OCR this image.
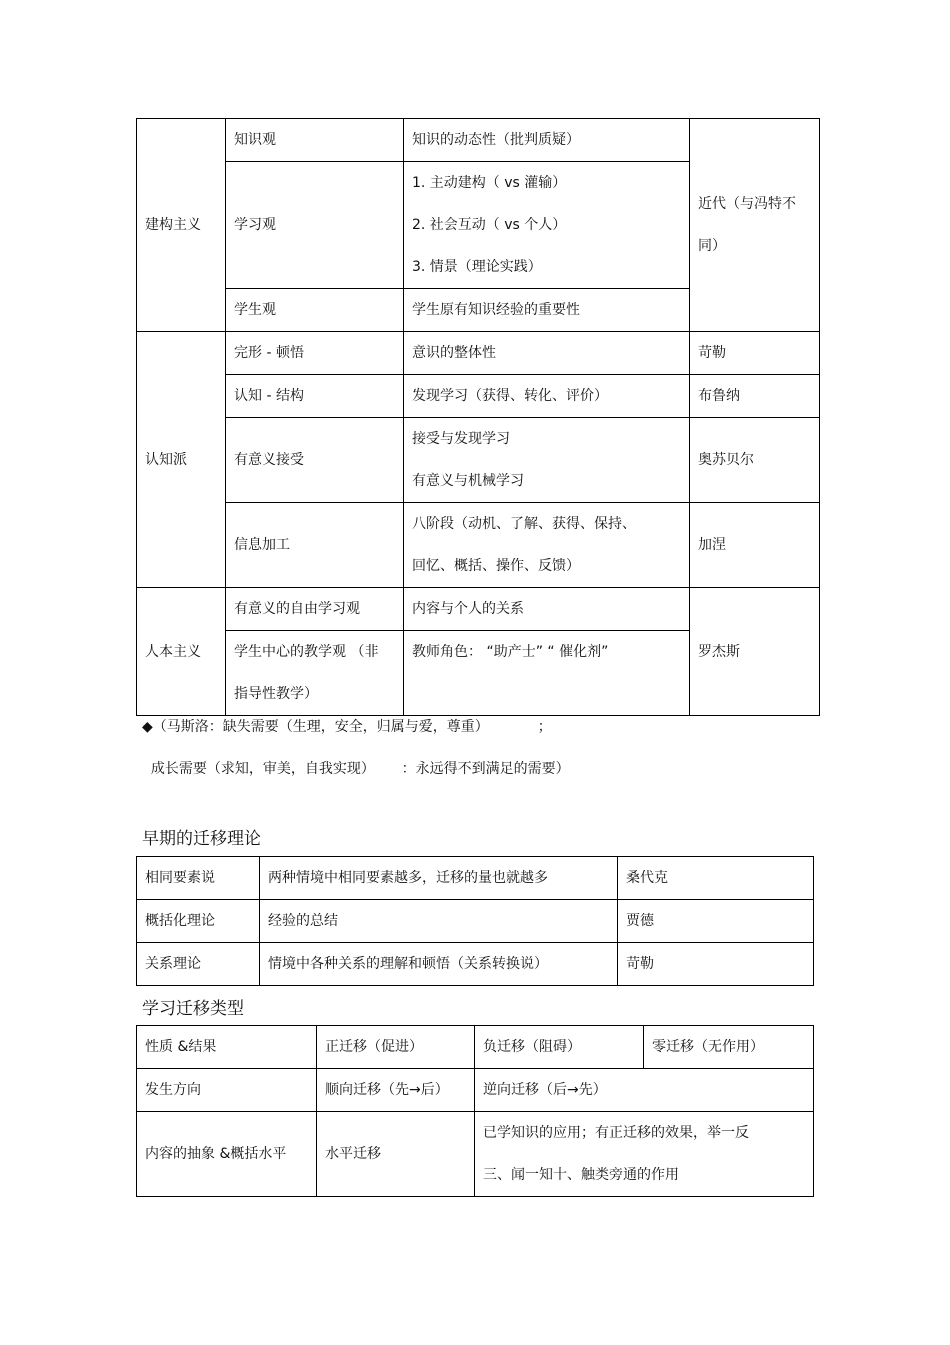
建构主义	知识观	知识的动态性（批判质疑）	近代（与冯特不
同）

	学习观	1. 主动建构（ vs 灌输）
2. 社会互动（ vs 个人）
3. 情景（理论实践）	

	学生观	学生原有知识经验的重要性	
认知派	完形 - 顿悟	意识的整体性	苛勒
	认知 - 结构	发现学习（获得、转化、评价）	布鲁纳
	有意义接受	接受与发现学习
有意义与机械学习	奥苏贝尔
	信息加工	八阶段（动机、了解、获得、保持、
回忆、概括、操作、反馈）	加涅
人本主义	有意义的自由学习观	内容与个人的关系	罗杰斯

	学生中心的教学观 （非
指导性教学）	教师角色： “助产士” “ 催化剂”	
◆（马斯洛：缺失需要（生理，安全，归属与爱，尊重）           ；
成长需要（求知，审美，自我实现）      ：永远得不到满足的需要）
早期的迁移理论
相同要素说	两种情境中相同要素越多，迁移的量也就越多	桑代克
概括化理论	经验的总结	贾德
关系理论	情境中各种关系的理解和顿悟（关系转换说）	苛勒
学习迁移类型
性质 &结果	正迁移（促进）	负迁移（阻碍）	零迁移（无作用）
发生方向	顺向迁移（先→后）	逆向迁移（后→先）	
内容的抽象 &概括水平	水平迁移	已学知识的应用；有正迁移的效果，举一反
三、闻一知十、触类旁通的作用	
